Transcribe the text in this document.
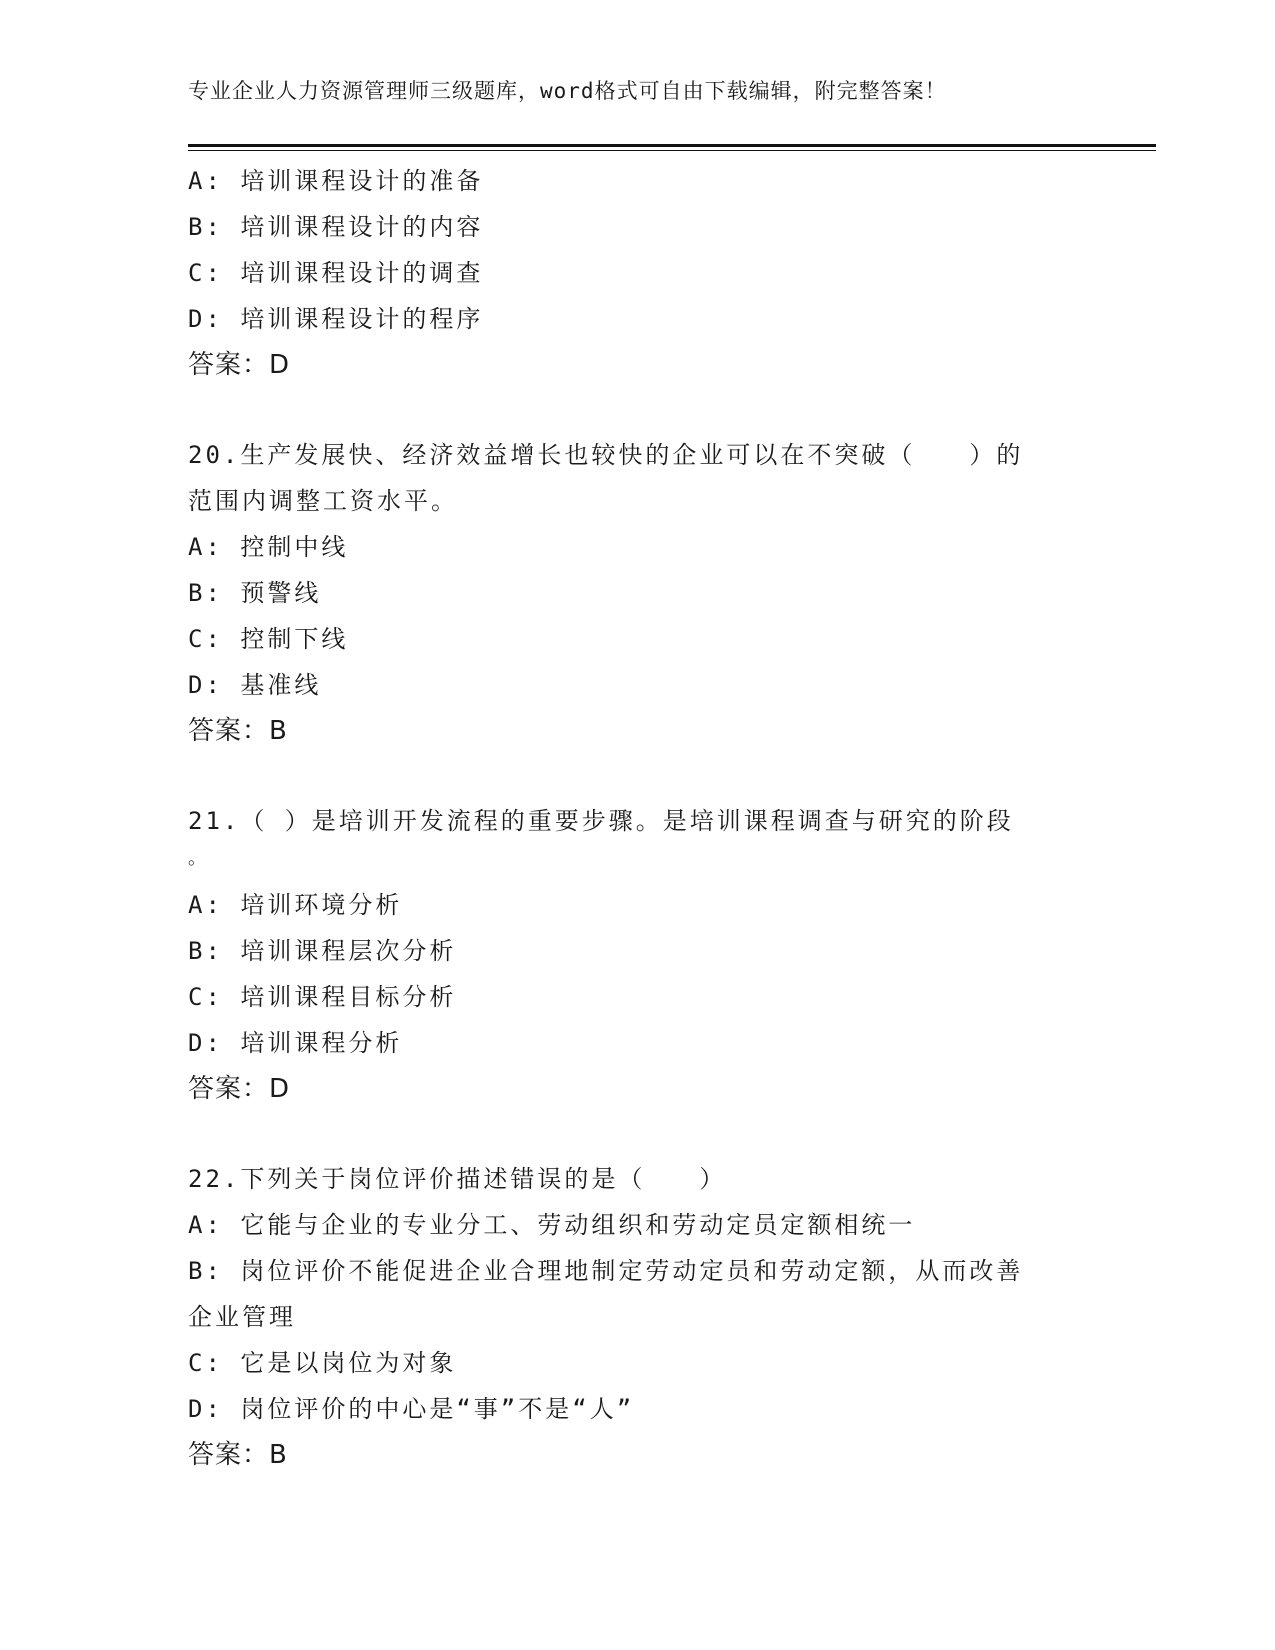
专业企业人力资源管理师三级题库，word格式可自由下载编辑，附完整答案！
A: 培训课程设计的准备
B: 培训课程设计的内容
C: 培训课程设计的调查
D: 培训课程设计的程序
答案：D
20.生产发展快、经济效益增长也较快的企业可以在不突破（　　）的
范围内调整工资水平。
A: 控制中线
B: 预警线
C: 控制下线
D: 基准线
答案：B
21.（ ）是培训开发流程的重要步骤。是培训课程调查与研究的阶段
。
A: 培训环境分析
B: 培训课程层次分析
C: 培训课程目标分析
D: 培训课程分析
答案：D
22.下列关于岗位评价描述错误的是（　　）
A: 它能与企业的专业分工、劳动组织和劳动定员定额相统一
B: 岗位评价不能促进企业合理地制定劳动定员和劳动定额，从而改善
企业管理
C: 它是以岗位为对象
D: 岗位评价的中心是“事”不是“人”
答案：B
